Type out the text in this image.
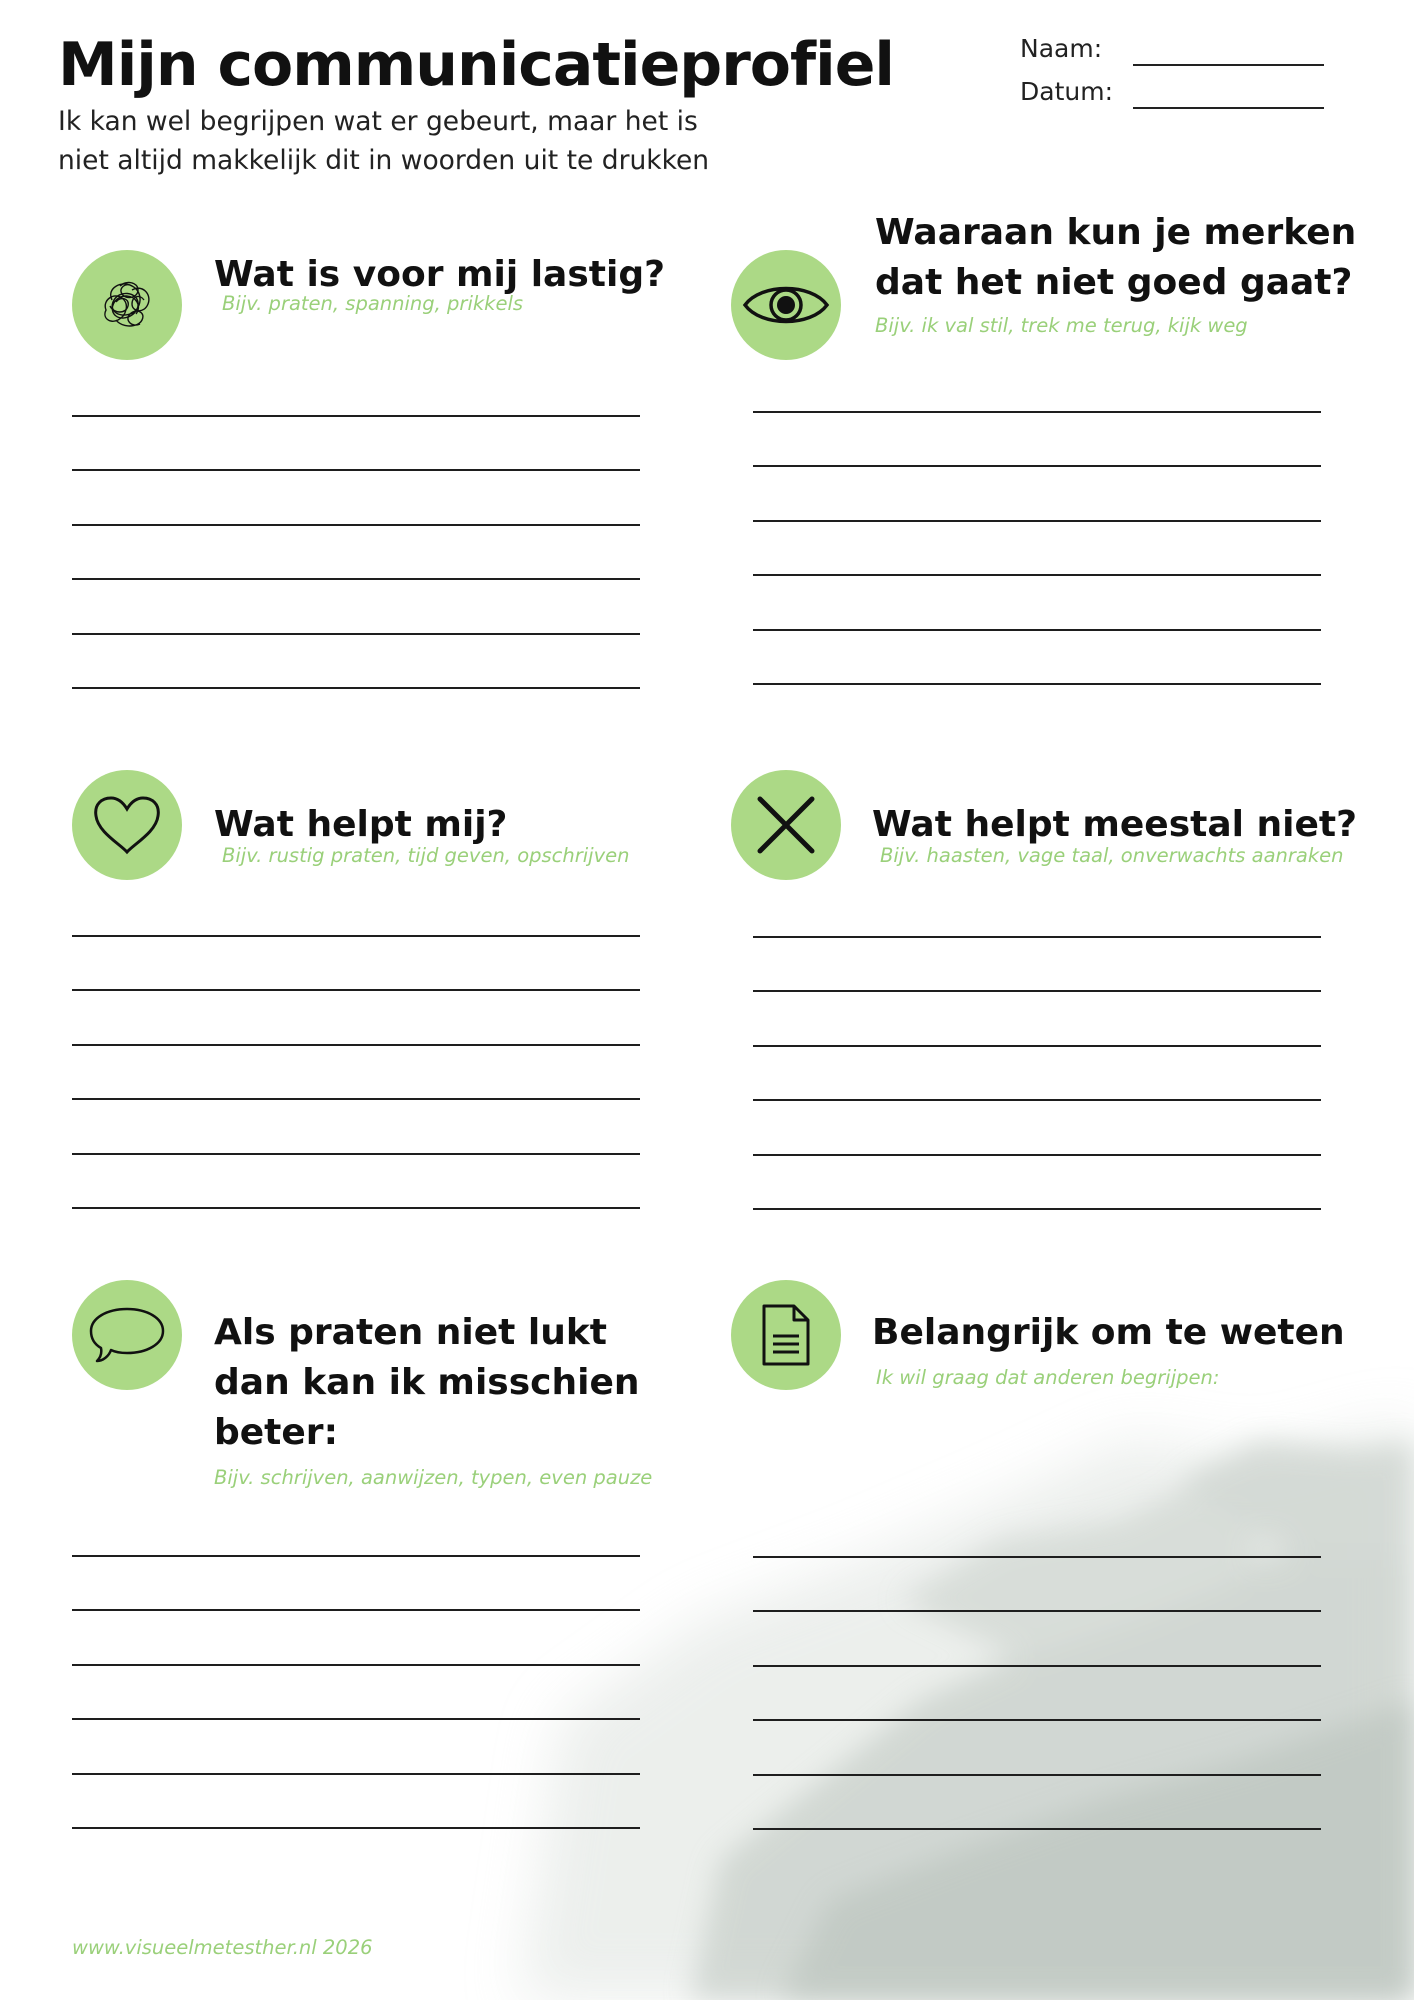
Mijn communicatieprofiel
Ik kan wel begrijpen wat er gebeurt, maar het is
niet altijd makkelijk dit in woorden uit te drukken
Naam:
Datum:
Wat is voor mij lastig?
Bijv. praten, spanning, prikkels
Waaraan kun je merken
dat het niet goed gaat?
Bijv. ik val stil, trek me terug, kijk weg
Wat helpt mij?
Bijv. rustig praten, tijd geven, opschrijven
Wat helpt meestal niet?
Bijv. haasten, vage taal, onverwachts aanraken
Als praten niet lukt
dan kan ik misschien
beter:
Bijv. schrijven, aanwijzen, typen, even pauze
Belangrijk om te weten
Ik wil graag dat anderen begrijpen:
www.visueelmetesther.nl 2026
